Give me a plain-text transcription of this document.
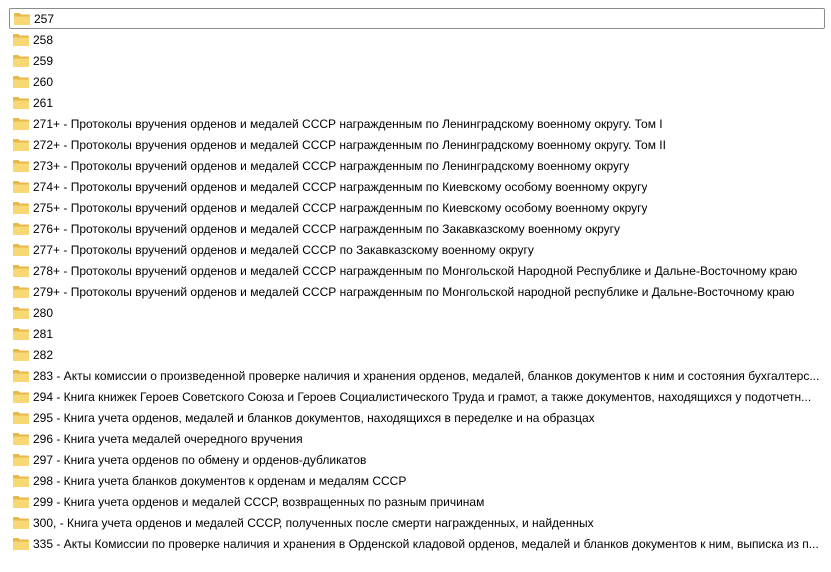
257
258
259
260
261
271+ - Протоколы вручения орденов и медалей СССР награжденным по Ленинградскому военному округу. Том I
272+ - Протоколы вручения орденов и медалей СССР награжденным по Ленинградскому военному округу. Том II
273+ - Протоколы вручений орденов и медалей СССР награжденным по Ленинградскому военному округу
274+ - Протоколы вручений орденов и медалей СССР награжденным по Киевскому особому военному округу
275+ - Протоколы вручений орденов и медалей СССР награжденным по Киевскому особому военному округу
276+ - Протоколы вручений орденов и медалей СССР награжденным по Закавказскому военному округу
277+ - Протоколы вручений орденов и медалей СССР по Закавказскому военному округу
278+ - Протоколы вручений орденов и медалей СССР награжденным по Монгольской Народной Республике и Дальне-Восточному краю
279+ - Протоколы вручений орденов и медалей СССР награжденным по Монгольской народной республике и Дальне-Восточному краю
280
281
282
283 - Акты комиссии о произведенной проверке наличия и хранения орденов, медалей, бланков документов к ним и состояния бухгалтерс...
294 - Книга книжек Героев Советского Союза и Героев Социалистического Труда и грамот, а также документов, находящихся у подотчетн...
295 - Книга учета орденов, медалей и бланков документов, находящихся в переделке и на образцах
296 - Книга учета медалей очередного вручения
297 - Книга учета орденов по обмену и орденов-дубликатов
298 - Книга учета бланков документов к орденам и медалям СССР
299 - Книга учета орденов и медалей СССР, возвращенных по разным причинам
300, - Книга учета орденов и медалей СССР, полученных после смерти награжденных, и найденных
335 - Акты Комиссии по проверке наличия и хранения в Орденской кладовой орденов, медалей и бланков документов к ним, выписка из п...
